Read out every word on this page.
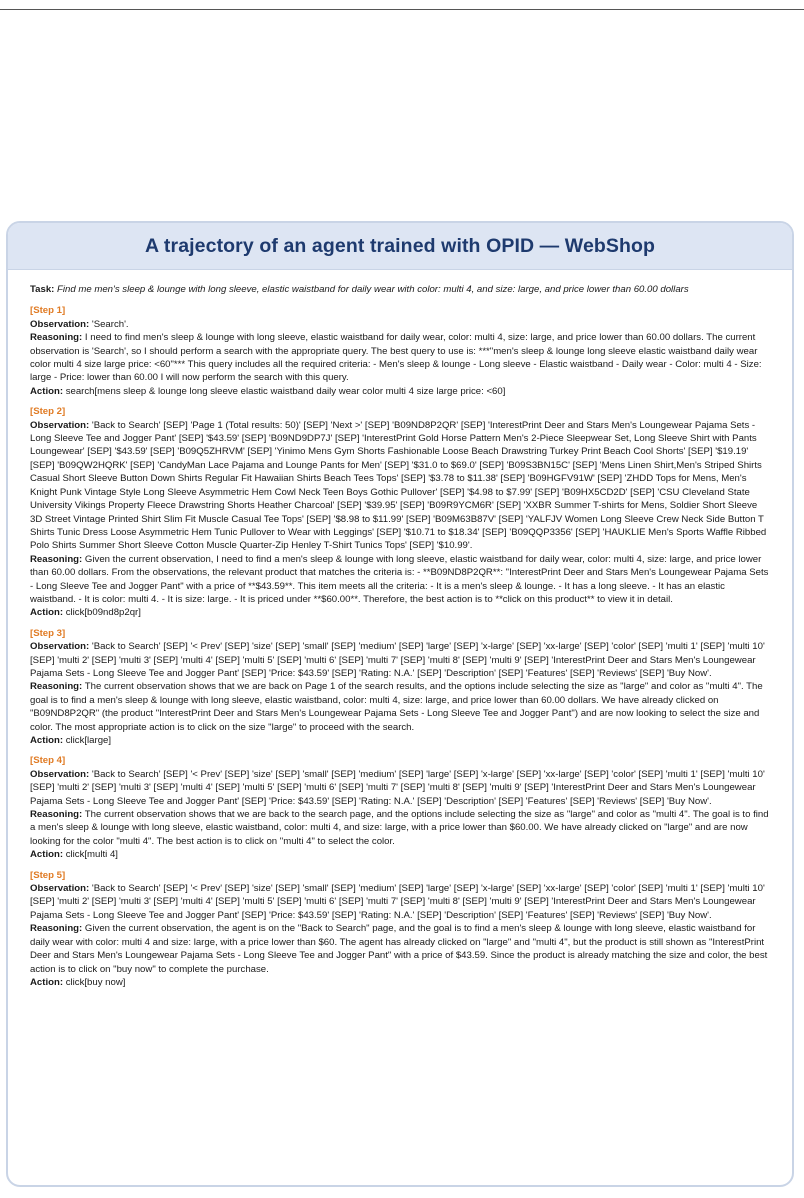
A trajectory of an agent trained with OPID — WebShop

Task: Find me men's sleep & lounge with long sleeve, elastic waistband for daily wear with color: multi 4, and size: large, and price lower than 60.00 dollars

[Step 1]
Observation: 'Search'.
Reasoning: I need to find men's sleep & lounge with long sleeve, elastic waistband for daily wear, color: multi 4, size: large, and price lower than 60.00 dollars. The current observation is 'Search', so I should perform a search with the appropriate query. The best query to use is: ***"men's sleep & lounge long sleeve elastic waistband daily wear color multi 4 size large price: <60"*** This query includes all the required criteria: - Men's sleep & lounge - Long sleeve - Elastic waistband - Daily wear - Color: multi 4 - Size: large - Price: lower than 60.00 I will now perform the search with this query.
Action: search[mens sleep & lounge long sleeve elastic waistband daily wear color multi 4 size large price: <60]
[Step 2]
Observation: 'Back to Search' [SEP] 'Page 1 (Total results: 50)' [SEP] 'Next >' [SEP] 'B09ND8P2QR' [SEP] 'InterestPrint Deer and Stars Men's Loungewear Pajama Sets - Long Sleeve Tee and Jogger Pant' [SEP] '$43.59' [SEP] 'B09ND9DP7J' [SEP] 'InterestPrint Gold Horse Pattern Men's 2-Piece Sleepwear Set, Long Sleeve Shirt with Pants Loungewear' [SEP] '$43.59' [SEP] 'B09Q5ZHRVM' [SEP] 'Yinimo Mens Gym Shorts Fashionable Loose Beach Drawstring Turkey Print Beach Cool Shorts' [SEP] '$19.19' [SEP] 'B09QW2HQRK' [SEP] 'CandyMan Lace Pajama and Lounge Pants for Men' [SEP] '$31.0 to $69.0' [SEP] 'B09S3BN15C' [SEP] 'Mens Linen Shirt,Men's Striped Shirts Casual Short Sleeve Button Down Shirts Regular Fit Hawaiian Shirts Beach Tees Tops' [SEP] '$3.78 to $11.38' [SEP] 'B09HGFV91W' [SEP] 'ZHDD Tops for Mens, Men's Knight Punk Vintage Style Long Sleeve Asymmetric Hem Cowl Neck Teen Boys Gothic Pullover' [SEP] '$4.98 to $7.99' [SEP] 'B09HX5CD2D' [SEP] 'CSU Cleveland State University Vikings Property Fleece Drawstring Shorts Heather Charcoal' [SEP] '$39.95' [SEP] 'B09R9YCM6R' [SEP] 'XXBR Summer T-shirts for Mens, Soldier Short Sleeve 3D Street Vintage Printed Shirt Slim Fit Muscle Casual Tee Tops' [SEP] '$8.98 to $11.99' [SEP] 'B09M63B87V' [SEP] 'YALFJV Women Long Sleeve Crew Neck Side Button T Shirts Tunic Dress Loose Asymmetric Hem Tunic Pullover to Wear with Leggings' [SEP] '$10.71 to $18.34' [SEP] 'B09QQP3356' [SEP] 'HAUKLIE Men's Sports Waffle Ribbed Polo Shirts Summer Short Sleeve Cotton Muscle Quarter-Zip Henley T-Shirt Tunics Tops' [SEP] '$10.99'.
Reasoning: Given the current observation, I need to find a men's sleep & lounge with long sleeve, elastic waistband for daily wear, color: multi 4, size: large, and price lower than 60.00 dollars. From the observations, the relevant product that matches the criteria is: - **B09ND8P2QR**: "InterestPrint Deer and Stars Men's Loungewear Pajama Sets - Long Sleeve Tee and Jogger Pant" with a price of **$43.59**. This item meets all the criteria: - It is a men's sleep & lounge. - It has a long sleeve. - It has an elastic waistband. - It is color: multi 4. - It is size: large. - It is priced under **$60.00**. Therefore, the best action is to **click on this product** to view it in detail.
Action: click[b09nd8p2qr]
[Step 3]
Observation: 'Back to Search' [SEP] '< Prev' [SEP] 'size' [SEP] 'small' [SEP] 'medium' [SEP] 'large' [SEP] 'x-large' [SEP] 'xx-large' [SEP] 'color' [SEP] 'multi 1' [SEP] 'multi 10' [SEP] 'multi 2' [SEP] 'multi 3' [SEP] 'multi 4' [SEP] 'multi 5' [SEP] 'multi 6' [SEP] 'multi 7' [SEP] 'multi 8' [SEP] 'multi 9' [SEP] 'InterestPrint Deer and Stars Men's Loungewear Pajama Sets - Long Sleeve Tee and Jogger Pant' [SEP] 'Price: $43.59' [SEP] 'Rating: N.A.' [SEP] 'Description' [SEP] 'Features' [SEP] 'Reviews' [SEP] 'Buy Now'.
Reasoning: The current observation shows that we are back on Page 1 of the search results, and the options include selecting the size as "large" and color as "multi 4". The goal is to find a men's sleep & lounge with long sleeve, elastic waistband, color: multi 4, size: large, and price lower than 60.00 dollars. We have already clicked on "B09ND8P2QR" (the product "InterestPrint Deer and Stars Men's Loungewear Pajama Sets - Long Sleeve Tee and Jogger Pant") and are now looking to select the size and color. The most appropriate action is to click on the size "large" to proceed with the search.
Action: click[large]
[Step 4]
Observation: 'Back to Search' [SEP] '< Prev' [SEP] 'size' [SEP] 'small' [SEP] 'medium' [SEP] 'large' [SEP] 'x-large' [SEP] 'xx-large' [SEP] 'color' [SEP] 'multi 1' [SEP] 'multi 10' [SEP] 'multi 2' [SEP] 'multi 3' [SEP] 'multi 4' [SEP] 'multi 5' [SEP] 'multi 6' [SEP] 'multi 7' [SEP] 'multi 8' [SEP] 'multi 9' [SEP] 'InterestPrint Deer and Stars Men's Loungewear Pajama Sets - Long Sleeve Tee and Jogger Pant' [SEP] 'Price: $43.59' [SEP] 'Rating: N.A.' [SEP] 'Description' [SEP] 'Features' [SEP] 'Reviews' [SEP] 'Buy Now'.
Reasoning: The current observation shows that we are back to the search page, and the options include selecting the size as "large" and color as "multi 4". The goal is to find a men's sleep & lounge with long sleeve, elastic waistband, color: multi 4, and size: large, with a price lower than $60.00. We have already clicked on "large" and are now looking for the color "multi 4". The best action is to click on "multi 4" to select the color.
Action: click[multi 4]
[Step 5]
Observation: 'Back to Search' [SEP] '< Prev' [SEP] 'size' [SEP] 'small' [SEP] 'medium' [SEP] 'large' [SEP] 'x-large' [SEP] 'xx-large' [SEP] 'color' [SEP] 'multi 1' [SEP] 'multi 10' [SEP] 'multi 2' [SEP] 'multi 3' [SEP] 'multi 4' [SEP] 'multi 5' [SEP] 'multi 6' [SEP] 'multi 7' [SEP] 'multi 8' [SEP] 'multi 9' [SEP] 'InterestPrint Deer and Stars Men's Loungewear Pajama Sets - Long Sleeve Tee and Jogger Pant' [SEP] 'Price: $43.59' [SEP] 'Rating: N.A.' [SEP] 'Description' [SEP] 'Features' [SEP] 'Reviews' [SEP] 'Buy Now'.
Reasoning: Given the current observation, the agent is on the "Back to Search" page, and the goal is to find a men's sleep & lounge with long sleeve, elastic waistband for daily wear with color: multi 4 and size: large, with a price lower than $60. The agent has already clicked on "large" and "multi 4", but the product is still shown as "InterestPrint Deer and Stars Men's Loungewear Pajama Sets - Long Sleeve Tee and Jogger Pant" with a price of $43.59. Since the product is already matching the size and color, the best action is to click on "buy now" to complete the purchase.
Action: click[buy now]
